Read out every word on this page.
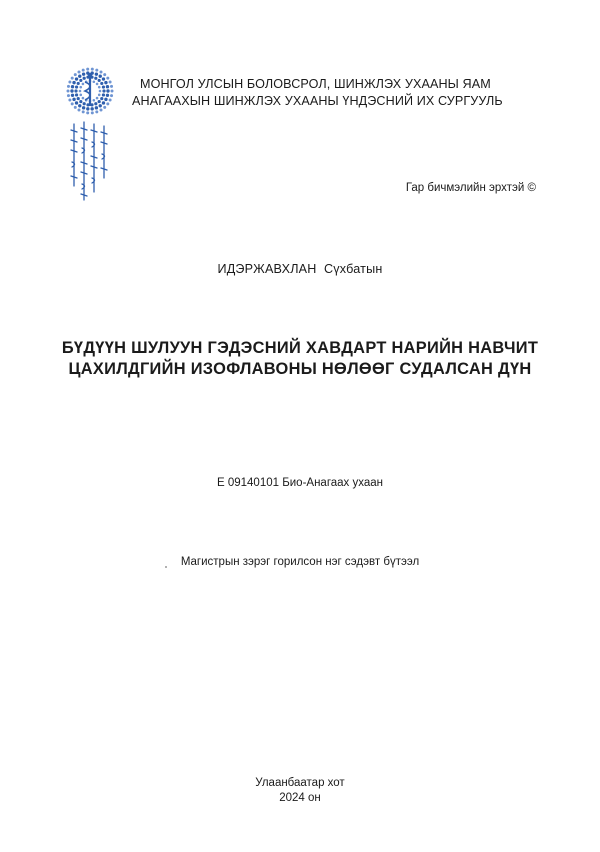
МОНГОЛ УЛСЫН БОЛОВСРОЛ, ШИНЖЛЭХ УХААНЫ ЯАМ
АНАГААХЫН ШИНЖЛЭХ УХААНЫ ҮНДЭСНИЙ ИХ СУРГУУЛЬ
Гар бичмэлийн эрхтэй ©
ИДЭРЖАВХЛАН  Сүхбатын
БҮДҮҮН ШУЛУУН ГЭДЭСНИЙ ХАВДАРТ НАРИЙН НАВЧИТ
ЦАХИЛДГИЙН ИЗОФЛАВОНЫ НӨЛӨӨГ СУДАЛСАН ДҮН
Е 09140101 Био-Анагаах ухаан
Магистрын зэрэг горилсон нэг сэдэвт бүтээл
Улаанбаатар хот
2024 он
